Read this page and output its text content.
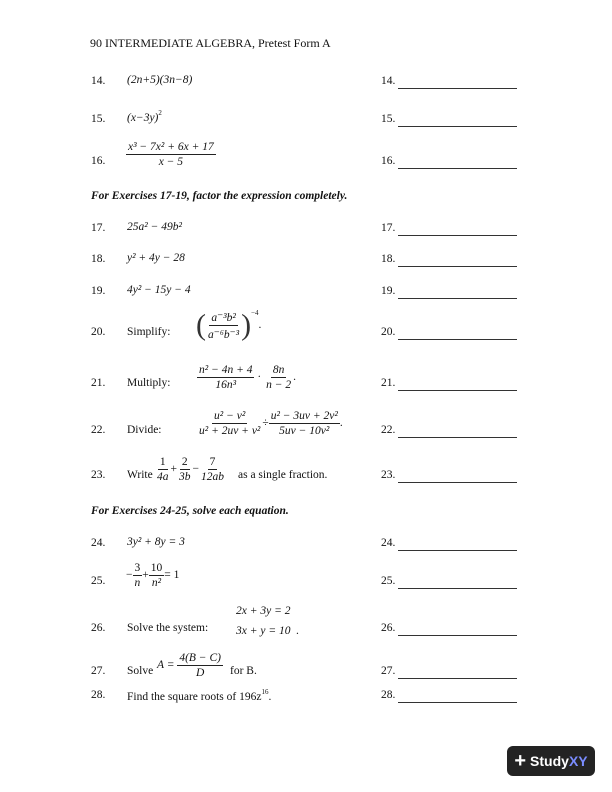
90 INTERMEDIATE ALGEBRA, Pretest Form A
14. (2n+5)(3n−8)
15. $(x-3y)^2$
16. $\frac{\text{x³ − 7x² + 6x + 17}}{x - 5}$
For Exercises 17-19, factor the expression completely.
17. 25a² − 49b²
18. y² + 4y − 28
19. 4y² − 15y − 4
20. Simplify: ( $\frac{\text{a⁻³b²}}{\text{a⁻⁶b⁻³}} )^{-4}$.
21. Multiply: $\frac{\text{n² − 4n + 4}}{\text{16n³}} \cdot \frac{8n}{n - 2}$ .
22. Divide:	$\frac{\text{u² − v²}}{\text{u² + 2uv + v²}} \div \frac{\text{u² − 3uv + 2v²}}{\text{5uv − 10v²}}$ .
23. Write $\frac{1}{4a} + \frac{2}{3b} - \frac{7}{12ab}$ as a single fraction.
For Exercises 24-25, solve each equation.
24. 3y² + 8y = 3
25. − $\frac{3}{n} + \frac{10}{\text{n²}} = 1$
26. Solve the system:
2x + 3y = 2
3x + y = 10 .
27. Solve $A = \frac{4(B - C)}{D}$ for B.
28. Find the square roots of $196z^{16}$.
14.
15.
16.
17.
18.
19.
20.
21.
22.
23.
24.
25.
26.
27.
28.
+ Study XY
